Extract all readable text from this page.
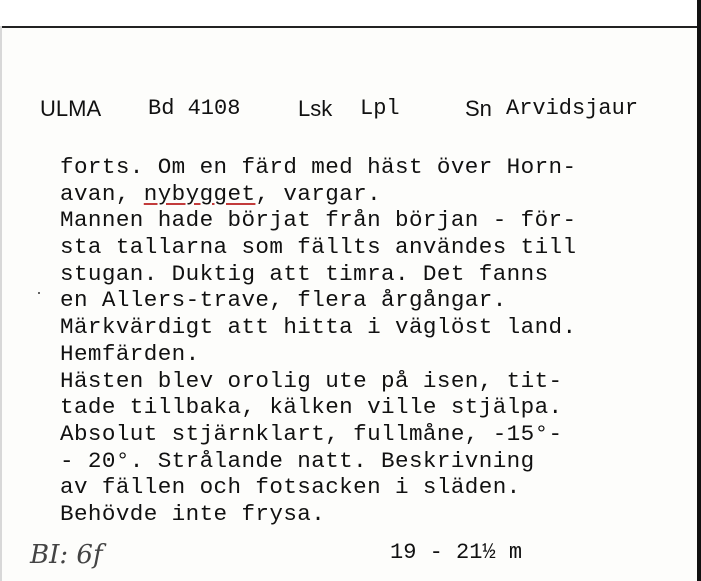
ULMA Bd 4108	Lsk Lpl	Sn Arvidsjaur
forts. Om en färd med häst över Horn-
avan, nybygget, vargar.
Mannen hade börjat från början - för-
sta tallarna som fällts användes till
stugan. Duktig att timra. Det fanns
en Allers-trave, flera årgångar.
Märkvärdigt att hitta i väglöst land.
Hemfärden.
Hästen blev orolig ute på isen, tit-
tade tillbaka, kälken ville stjälpa.
Absolut stjärnklart, fullmåne, -15°-
- 20°. Strålande natt. Beskrivning
av fällen och fotsacken i släden.
Behövde inte frysa.
BI: 6f	19 - 21½ m
